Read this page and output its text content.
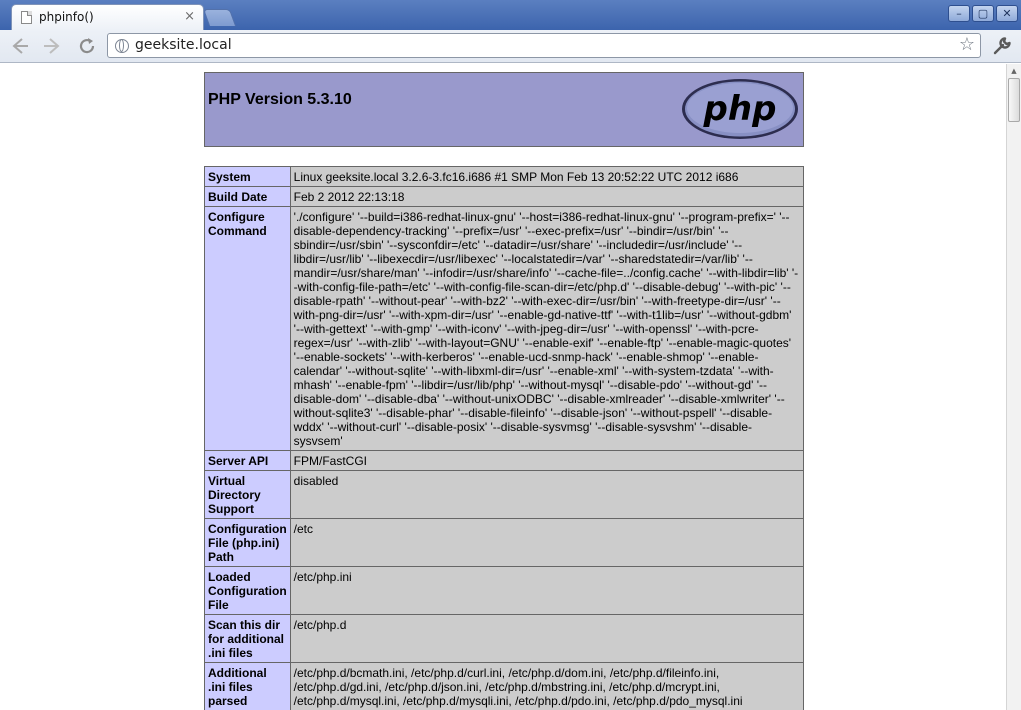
phpinfo()	×	–	▢	✕
geeksite.local	☆
PHP Version 5.3.10	php
System	Linux geeksite.local 3.2.6-3.fc16.i686 #1 SMP Mon Feb 13 20:52:22 UTC 2012 i686
Build Date	Feb 2 2012 22:13:18
Configure Command	'./configure' '--build=i386-redhat-linux-gnu' '--host=i386-redhat-linux-gnu' '--program-prefix=' '--disable-dependency-tracking' '--prefix=/usr' '--exec-prefix=/usr' '--bindir=/usr/bin' '--sbindir=/usr/sbin' '--sysconfdir=/etc' '--datadir=/usr/share' '--includedir=/usr/include' '--libdir=/usr/lib' '--libexecdir=/usr/libexec' '--localstatedir=/var' '--sharedstatedir=/var/lib' '--mandir=/usr/share/man' '--infodir=/usr/share/info' '--cache-file=../config.cache' '--with-libdir=lib' '--with-config-file-path=/etc' '--with-config-file-scan-dir=/etc/php.d' '--disable-debug' '--with-pic' '--disable-rpath' '--without-pear' '--with-bz2' '--with-exec-dir=/usr/bin' '--with-freetype-dir=/usr' '--with-png-dir=/usr' '--with-xpm-dir=/usr' '--enable-gd-native-ttf' '--with-t1lib=/usr' '--without-gdbm' '--with-gettext' '--with-gmp' '--with-iconv' '--with-jpeg-dir=/usr' '--with-openssl' '--with-pcre-regex=/usr' '--with-zlib' '--with-layout=GNU' '--enable-exif' '--enable-ftp' '--enable-magic-quotes' '--enable-sockets' '--with-kerberos' '--enable-ucd-snmp-hack' '--enable-shmop' '--enable-calendar' '--without-sqlite' '--with-libxml-dir=/usr' '--enable-xml' '--with-system-tzdata' '--with-mhash' '--enable-fpm' '--libdir=/usr/lib/php' '--without-mysql' '--disable-pdo' '--without-gd' '--disable-dom' '--disable-dba' '--without-unixODBC' '--disable-xmlreader' '--disable-xmlwriter' '--without-sqlite3' '--disable-phar' '--disable-fileinfo' '--disable-json' '--without-pspell' '--disable-wddx' '--without-curl' '--disable-posix' '--disable-sysvmsg' '--disable-sysvshm' '--disable-sysvsem'
Server API	FPM/FastCGI
Virtual Directory Support	disabled
Configuration File (php.ini) Path	/etc
Loaded Configuration File	/etc/php.ini
Scan this dir for additional .ini files	/etc/php.d
Additional .ini files parsed	/etc/php.d/bcmath.ini, /etc/php.d/curl.ini, /etc/php.d/dom.ini, /etc/php.d/fileinfo.ini, /etc/php.d/gd.ini, /etc/php.d/json.ini, /etc/php.d/mbstring.ini, /etc/php.d/mcrypt.ini, /etc/php.d/mysql.ini, /etc/php.d/mysqli.ini, /etc/php.d/pdo.ini, /etc/php.d/pdo_mysql.ini
▲
